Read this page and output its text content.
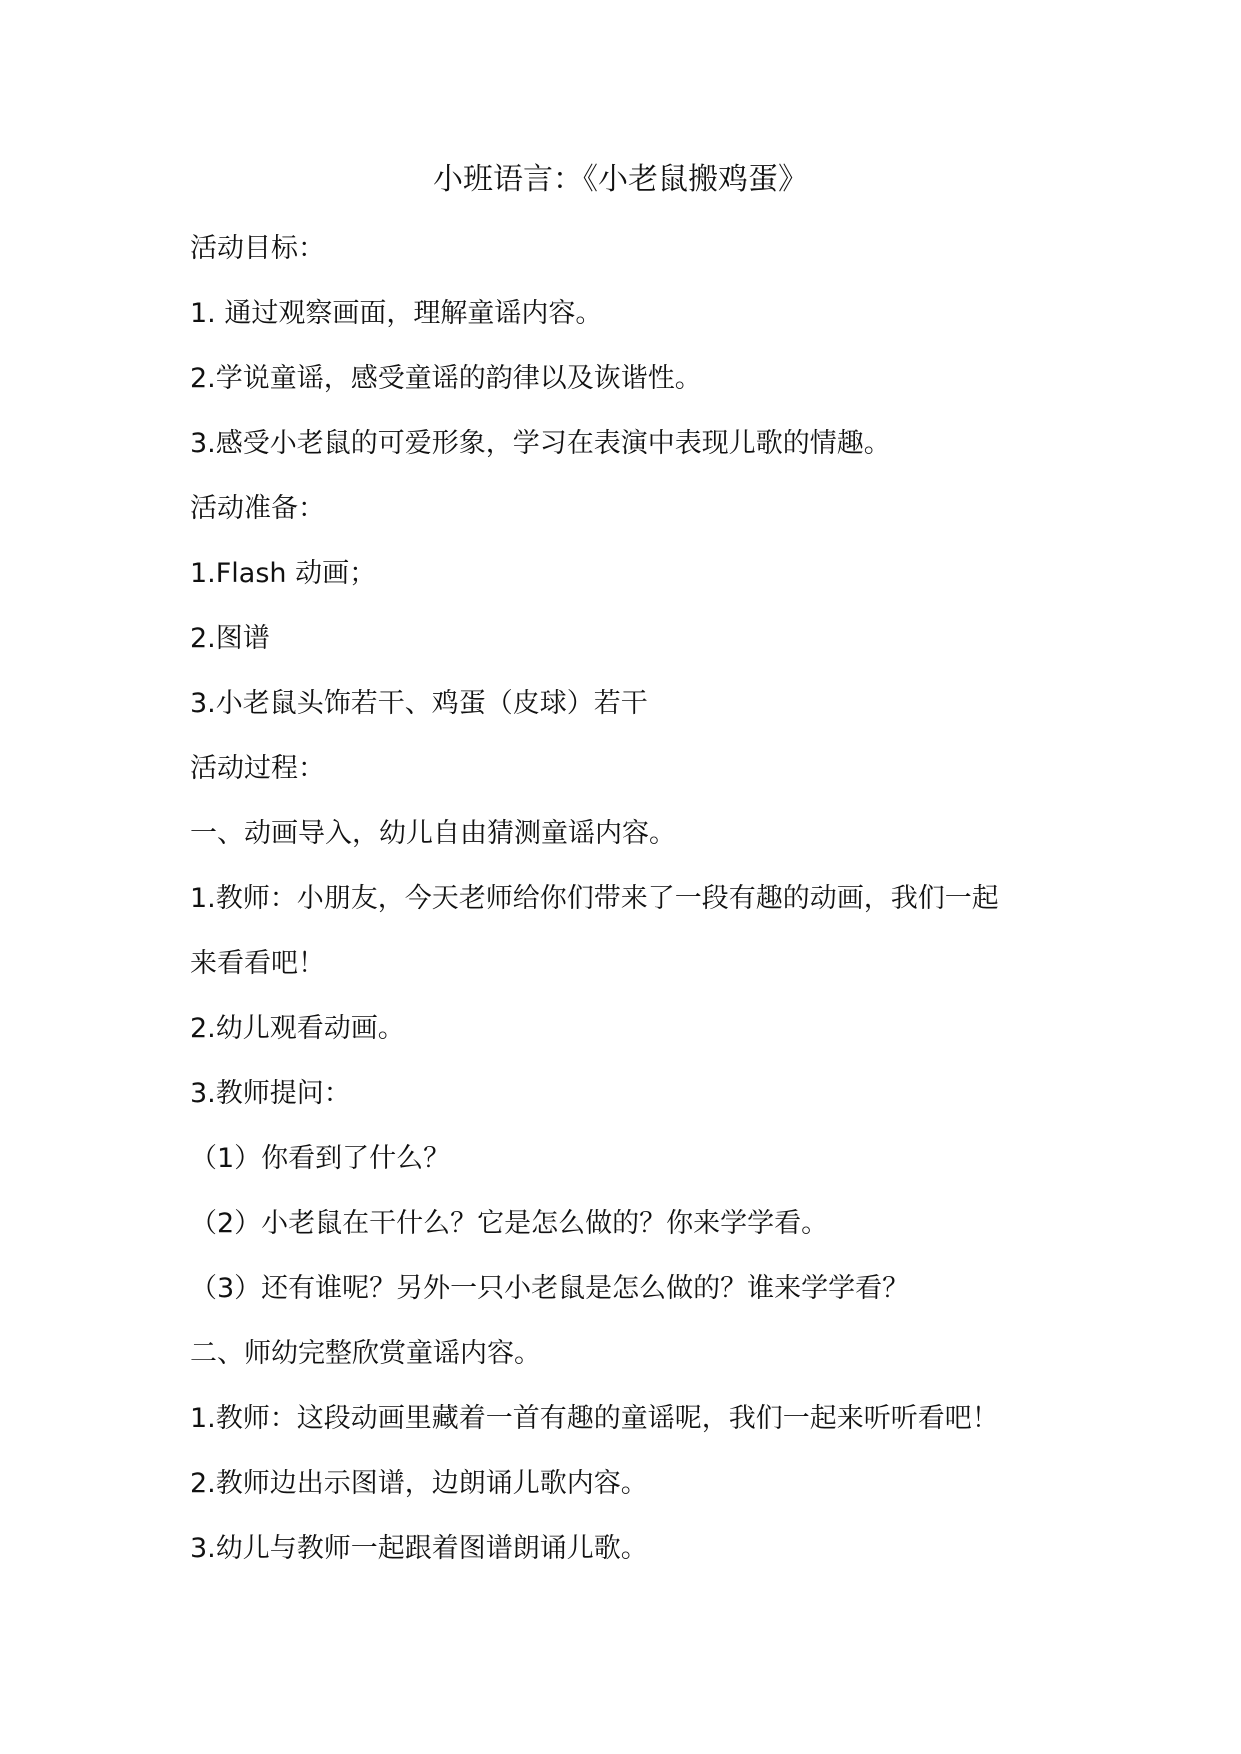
小班语言：《小老鼠搬鸡蛋》
活动目标：
1. 通过观察画面，理解童谣内容。
2.学说童谣，感受童谣的韵律以及诙谐性。
3.感受小老鼠的可爱形象，学习在表演中表现儿歌的情趣。
活动准备：
1.Flash 动画；
2.图谱
3.小老鼠头饰若干、鸡蛋（皮球）若干
活动过程：
一、动画导入，幼儿自由猜测童谣内容。
1.教师：小朋友，今天老师给你们带来了一段有趣的动画，我们一起
来看看吧！
2.幼儿观看动画。
3.教师提问：
（1）你看到了什么？
（2）小老鼠在干什么？它是怎么做的？你来学学看。
（3）还有谁呢？另外一只小老鼠是怎么做的？谁来学学看？
二、师幼完整欣赏童谣内容。
1.教师：这段动画里藏着一首有趣的童谣呢，我们一起来听听看吧！
2.教师边出示图谱，边朗诵儿歌内容。
3.幼儿与教师一起跟着图谱朗诵儿歌。
